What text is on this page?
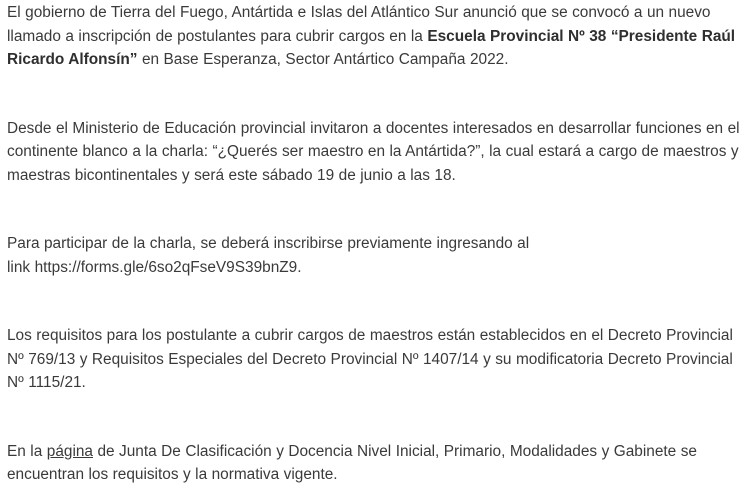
El gobierno de Tierra del Fuego, Antártida e Islas del Atlántico Sur anunció que se convocó a un nuevo llamado a inscripción de postulantes para cubrir cargos en la Escuela Provincial Nº 38 “Presidente Raúl Ricardo Alfonsín” en Base Esperanza, Sector Antártico Campaña 2022.

Desde el Ministerio de Educación provincial invitaron a docentes interesados en desarrollar funciones en el continente blanco a la charla: “¿Querés ser maestro en la Antártida?”, la cual estará a cargo de maestros y maestras bicontinentales y será este sábado 19 de junio a las 18.

Para participar de la charla, se deberá inscribirse previamente ingresando al
link https://forms.gle/6so2qFseV9S39bnZ9.

Los requisitos para los postulante a cubrir cargos de maestros están establecidos en el Decreto Provincial Nº 769/13 y Requisitos Especiales del Decreto Provincial Nº 1407/14 y su modificatoria Decreto Provincial Nº 1115/21.

En la página de Junta De Clasificación y Docencia Nivel Inicial, Primario, Modalidades y Gabinete se encuentran los requisitos y la normativa vigente.
